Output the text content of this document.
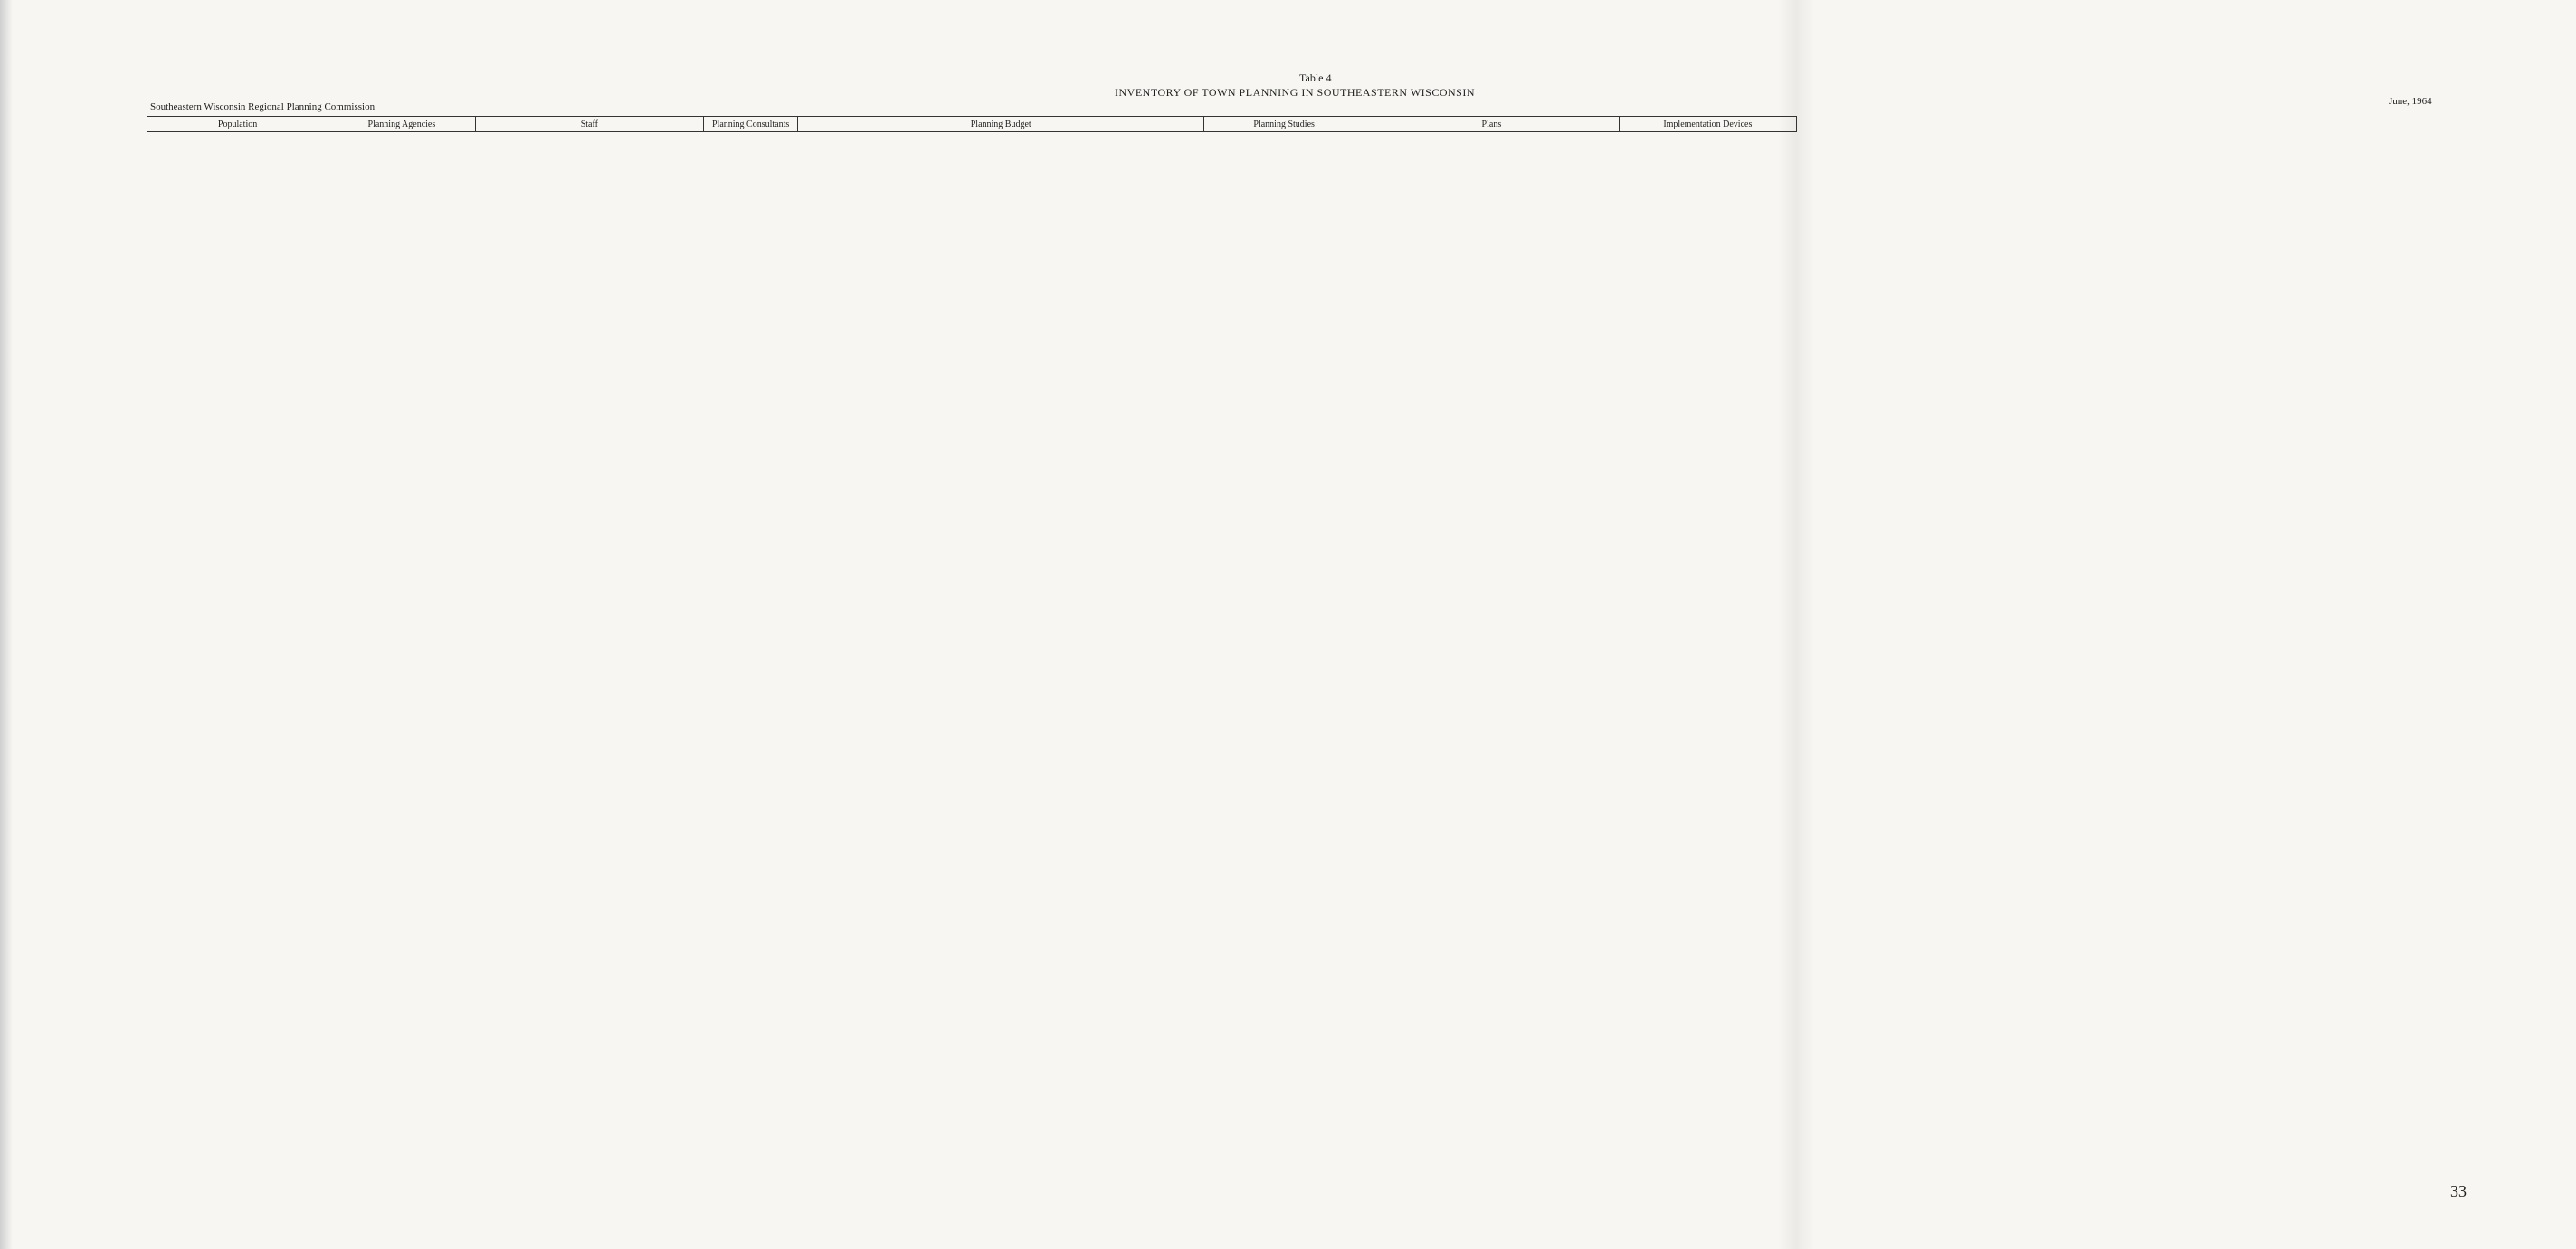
Table 4
INVENTORY OF TOWN PLANNING IN SOUTHEASTERN WISCONSIN
Southeastern Wisconsin Regional Planning Commission	June, 1964
Population	Planning Agencies	Staff	Planning Consultants	Planning Budget	Planning Studies	Plans	Implementation Devices

33
